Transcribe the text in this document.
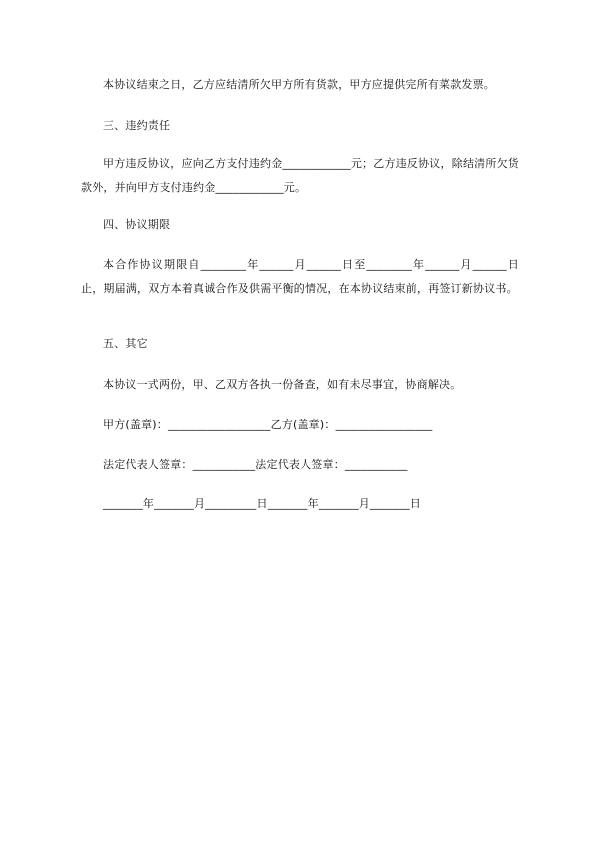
本协议结束之日，乙方应结清所欠甲方所有货款，甲方应提供完所有菜款发票。
三、违约责任
甲方违反协议，应向乙方支付违约金____________元；乙方违反协议，除结清所欠货款外，并向甲方支付违约金____________元。
四、协议期限
本合作协议期限自________年______月______日至________年______月______日止，期届满，双方本着真诚合作及供需平衡的情况，在本协议结束前，再签订新协议书。
五、其它
本协议一式两份，甲、乙双方各执一份备查，如有未尽事宜，协商解决。
甲方(盖章)：__________________乙方(盖章)：_________________
法定代表人签章：___________法定代表人签章：___________
_______年_______月_________日_______年_______月_______日
